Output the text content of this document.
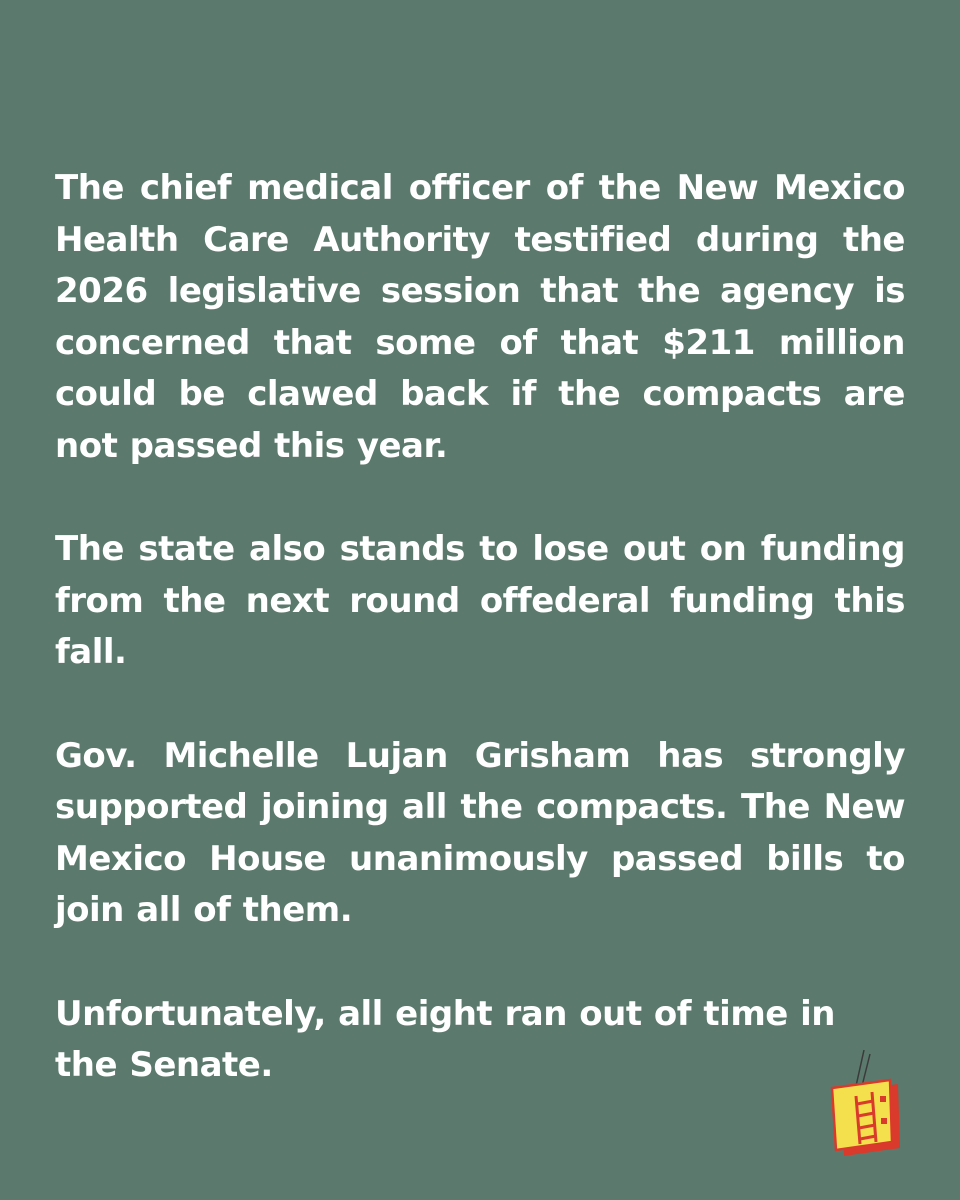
The chief medical officer of the New Mexico Health Care Authority testified during the 2026 legislative session that the agency is concerned that some of that $211 million could be clawed back if the compacts are not passed this year.

The state also stands to lose out on funding from the next round offederal funding this fall.

Gov. Michelle Lujan Grisham has strongly supported joining all the compacts. The New Mexico House unanimously passed bills to join all of them.

Unfortunately, all eight ran out of time in the Senate.
